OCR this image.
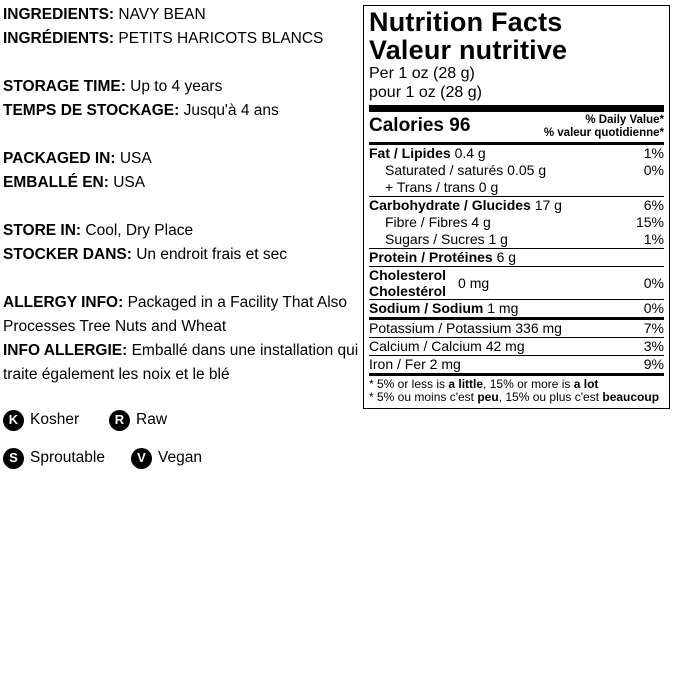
INGREDIENTS: NAVY BEAN

INGRÉDIENTS: PETITS HARICOTS BLANCS

STORAGE TIME: Up to 4 years

TEMPS DE STOCKAGE: Jusqu'à 4 ans

PACKAGED IN: USA

EMBALLÉ EN: USA

STORE IN: Cool, Dry Place

STOCKER DANS: Un endroit frais et sec

ALLERGY INFO: Packaged in a Facility That Also Processes Tree Nuts and Wheat

INFO ALLERGIE: Emballé dans une installation qui traite également les noix et le blé

K Kosher	R Raw
S Sproutable	V Vegan
Nutrition Facts
Valeur nutritive
Per 1 oz (28 g)
pour 1 oz (28 g)
Calories 96	% Daily Value*
% valeur quotidienne*
Fat / Lipides 0.4 g	1%
Saturated / saturés 0.05 g	0%
+ Trans / trans 0 g
Carbohydrate / Glucides 17 g	6%
Fibre / Fibres 4 g	15%
Sugars / Sucres 1 g	1%
Protein / Protéines 6 g
Cholesterol
Cholestérol 0 mg	0%
Sodium / Sodium 1 mg	0%
Potassium / Potassium 336 mg	7%
Calcium / Calcium 42 mg	3%
Iron / Fer 2 mg	9%
* 5% or less is a little, 15% or more is a lot
* 5% ou moins c'est peu, 15% ou plus c'est beaucoup
